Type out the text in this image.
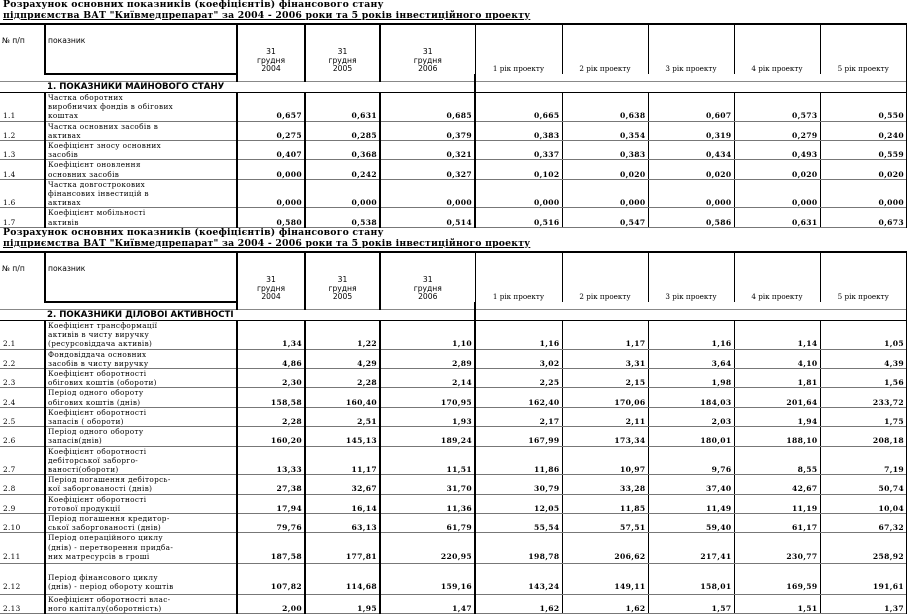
Розрахунок основних показників (коефіцієнтів) фінансового стану
підприємства ВАТ "Київмедпрепарат" за 2004 - 2006 роки та 5 років інвестиційного проекту
№ п/п	показник	31
грудня
2004	31
грудня
2005	31
грудня
2006	1 рік проекту	2 рік проекту	3 рік проекту	4 рік проекту	5 рік проекту

	1. ПОКАЗНИКИ МАЙНОВОГО СТАНУ								
1.1	Частка оборотних
виробничих фондів в обігових
коштах	0,657	0,631	0,685	0,665	0,638	0,607	0,573	0,550
1.2	Частка основних засобів в
активах	0,275	0,285	0,379	0,383	0,354	0,319	0,279	0,240
1.3	Коефіцієнт зносу основних
засобів	0,407	0,368	0,321	0,337	0,383	0,434	0,493	0,559
1.4	Коефіцієнт оновлення
основних засобів	0,000	0,242	0,327	0,102	0,020	0,020	0,020	0,020
1.6	Частка довгострокових
фінансових інвестицій в
активах	0,000	0,000	0,000	0,000	0,000	0,000	0,000	0,000
1.7	Коефіцієнт мобільності
активів	0,580	0,538	0,514	0,516	0,547	0,586	0,631	0,673
Розрахунок основних показників (коефіцієнтів) фінансового стану
підприємства ВАТ "Київмедпрепарат" за 2004 - 2006 роки та 5 років інвестиційного проекту
№ п/п	показник	31
грудня
2004	31
грудня
2005	31
грудня
2006	1 рік проекту	2 рік проекту	3 рік проекту	4 рік проекту	5 рік проекту

	2. ПОКАЗНИКИ ДІЛОВОЇ АКТИВНОСТІ								
2.1	Коефіцієнт трансформації
активів в чисту виручку
(ресурсовіддача активів)	1,34	1,22	1,10	1,16	1,17	1,16	1,14	1,05
2.2	Фондовіддача основних
засобів в чисту виручку	4,86	4,29	2,89	3,02	3,31	3,64	4,10	4,39
2.3	Коефіцієнт оборотності
обігових коштів (обороти)	2,30	2,28	2,14	2,25	2,15	1,98	1,81	1,56
2.4	Період одного обороту
обігових коштів (днів)	158,58	160,40	170,95	162,40	170,06	184,03	201,64	233,72
2.5	Коефіцієнт оборотності
запасів ( обороти)	2,28	2,51	1,93	2,17	2,11	2,03	1,94	1,75
2.6	Період одного обороту
запасів(днів)	160,20	145,13	189,24	167,99	173,34	180,01	188,10	208,18
2.7	Коефіцієнт оборотності
дебіторської заборго-
ваності(обороти)	13,33	11,17	11,51	11,86	10,97	9,76	8,55	7,19
2.8	Період погашення дебіторсь-
кої заборгованості (днів)	27,38	32,67	31,70	30,79	33,28	37,40	42,67	50,74
2.9	Коефіцієнт оборотності
готової продукції	17,94	16,14	11,36	12,05	11,85	11,49	11,19	10,04
2.10	Період погашення кредитор-
ської заборгованості (днів)	79,76	63,13	61,79	55,54	57,51	59,40	61,17	67,32
2.11	Період операційного циклу
(днів) - перетворення придба-
них матресурсів в гроші	187,58	177,81	220,95	198,78	206,62	217,41	230,77	258,92
2.12	
Період фінансового циклу
(днів) - період обороту коштів	107,82	114,68	159,16	143,24	149,11	158,01	169,59	191,61
2.13	Коефіцієнт оборотності влас-
ного капіталу(оборотність)	2,00	1,95	1,47	1,62	1,62	1,57	1,51	1,37
